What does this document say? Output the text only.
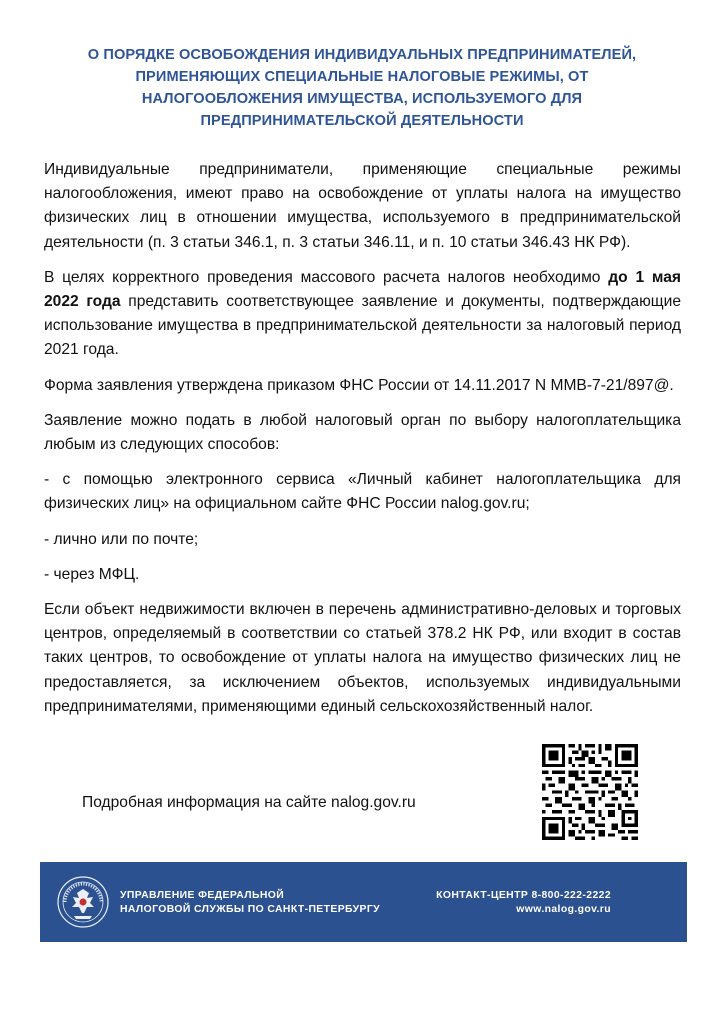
О ПОРЯДКЕ ОСВОБОЖДЕНИЯ ИНДИВИДУАЛЬНЫХ ПРЕДПРИНИМАТЕЛЕЙ,
ПРИМЕНЯЮЩИХ СПЕЦИАЛЬНЫЕ НАЛОГОВЫЕ РЕЖИМЫ, ОТ
НАЛОГООБЛОЖЕНИЯ ИМУЩЕСТВА, ИСПОЛЬЗУЕМОГО ДЛЯ
ПРЕДПРИНИМАТЕЛЬСКОЙ ДЕЯТЕЛЬНОСТИ

Индивидуальные предприниматели, применяющие специальные режимы налогообложения, имеют право на освобождение от уплаты налога на имущество физических лиц в отношении имущества, используемого в предпринимательской деятельности (п. 3 статьи 346.1, п. 3 статьи 346.11, и п. 10 статьи 346.43 НК РФ).

В целях корректного проведения массового расчета налогов необходимо до 1 мая 2022 года представить соответствующее заявление и документы, подтверждающие использование имущества в предпринимательской деятельности за налоговый период 2021 года.

Форма заявления утверждена приказом ФНС России от 14.11.2017 N ММВ-7-21/897@.

Заявление можно подать в любой налоговый орган по выбору налогоплательщика любым из следующих способов:

- с помощью электронного сервиса «Личный кабинет налогоплательщика для физических лиц» на официальном сайте ФНС России nalog.gov.ru;

- лично или по почте;

- через МФЦ.

Если объект недвижимости включен в перечень административно-деловых и торговых центров, определяемый в соответствии со статьей 378.2 НК РФ, или входит в состав таких центров, то освобождение от уплаты налога на имущество физических лиц не предоставляется, за исключением объектов, используемых индивидуальными предпринимателями, применяющими единый сельскохозяйственный налог.

Подробная информация на сайте nalog.gov.ru
УПРАВЛЕНИЕ ФЕДЕРАЛЬНОЙ
НАЛОГОВОЙ СЛУЖБЫ ПО САНКТ-ПЕТЕРБУРГУ
КОНТАКТ-ЦЕНТР 8-800-222-2222
www.nalog.gov.ru
